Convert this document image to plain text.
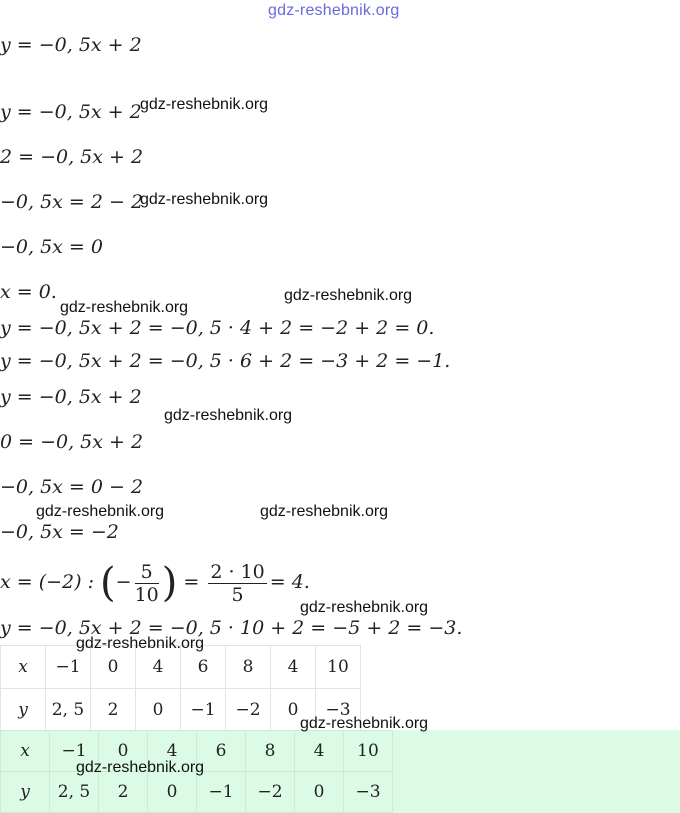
gdz-reshebnik.org
y = −0, 5x + 2
y = −0, 5x + 2
2 = −0, 5x + 2
−0, 5x = 2 − 2
−0, 5x = 0
x = 0.
y = −0, 5x + 2 = −0, 5 · 4 + 2 = −2 + 2 = 0.
y = −0, 5x + 2 = −0, 5 · 6 + 2 = −3 + 2 = −1.
y = −0, 5x + 2
0 = −0, 5x + 2
−0, 5x = 0 − 2
−0, 5x = −2
x = (−2) : (− $\frac{5}{10}$ ) = $\frac{2 \cdot 10}{5} = 4$.
y = −0, 5x + 2 = −0, 5 · 10 + 2 = −5 + 2 = −3.
x	−1	0	4	6	8	4	10
y	2, 5	2	0	−1	−2	0	−3
x	−1	0	4	6	8	4	10
y	2, 5	2	0	−1	−2	0	−3
gdz-reshebnik.org
gdz-reshebnik.org
gdz-reshebnik.org
gdz-reshebnik.org
gdz-reshebnik.org
gdz-reshebnik.org	gdz-reshebnik.org
gdz-reshebnik.org
gdz-reshebnik.org
gdz-reshebnik.org
gdz-reshebnik.org
